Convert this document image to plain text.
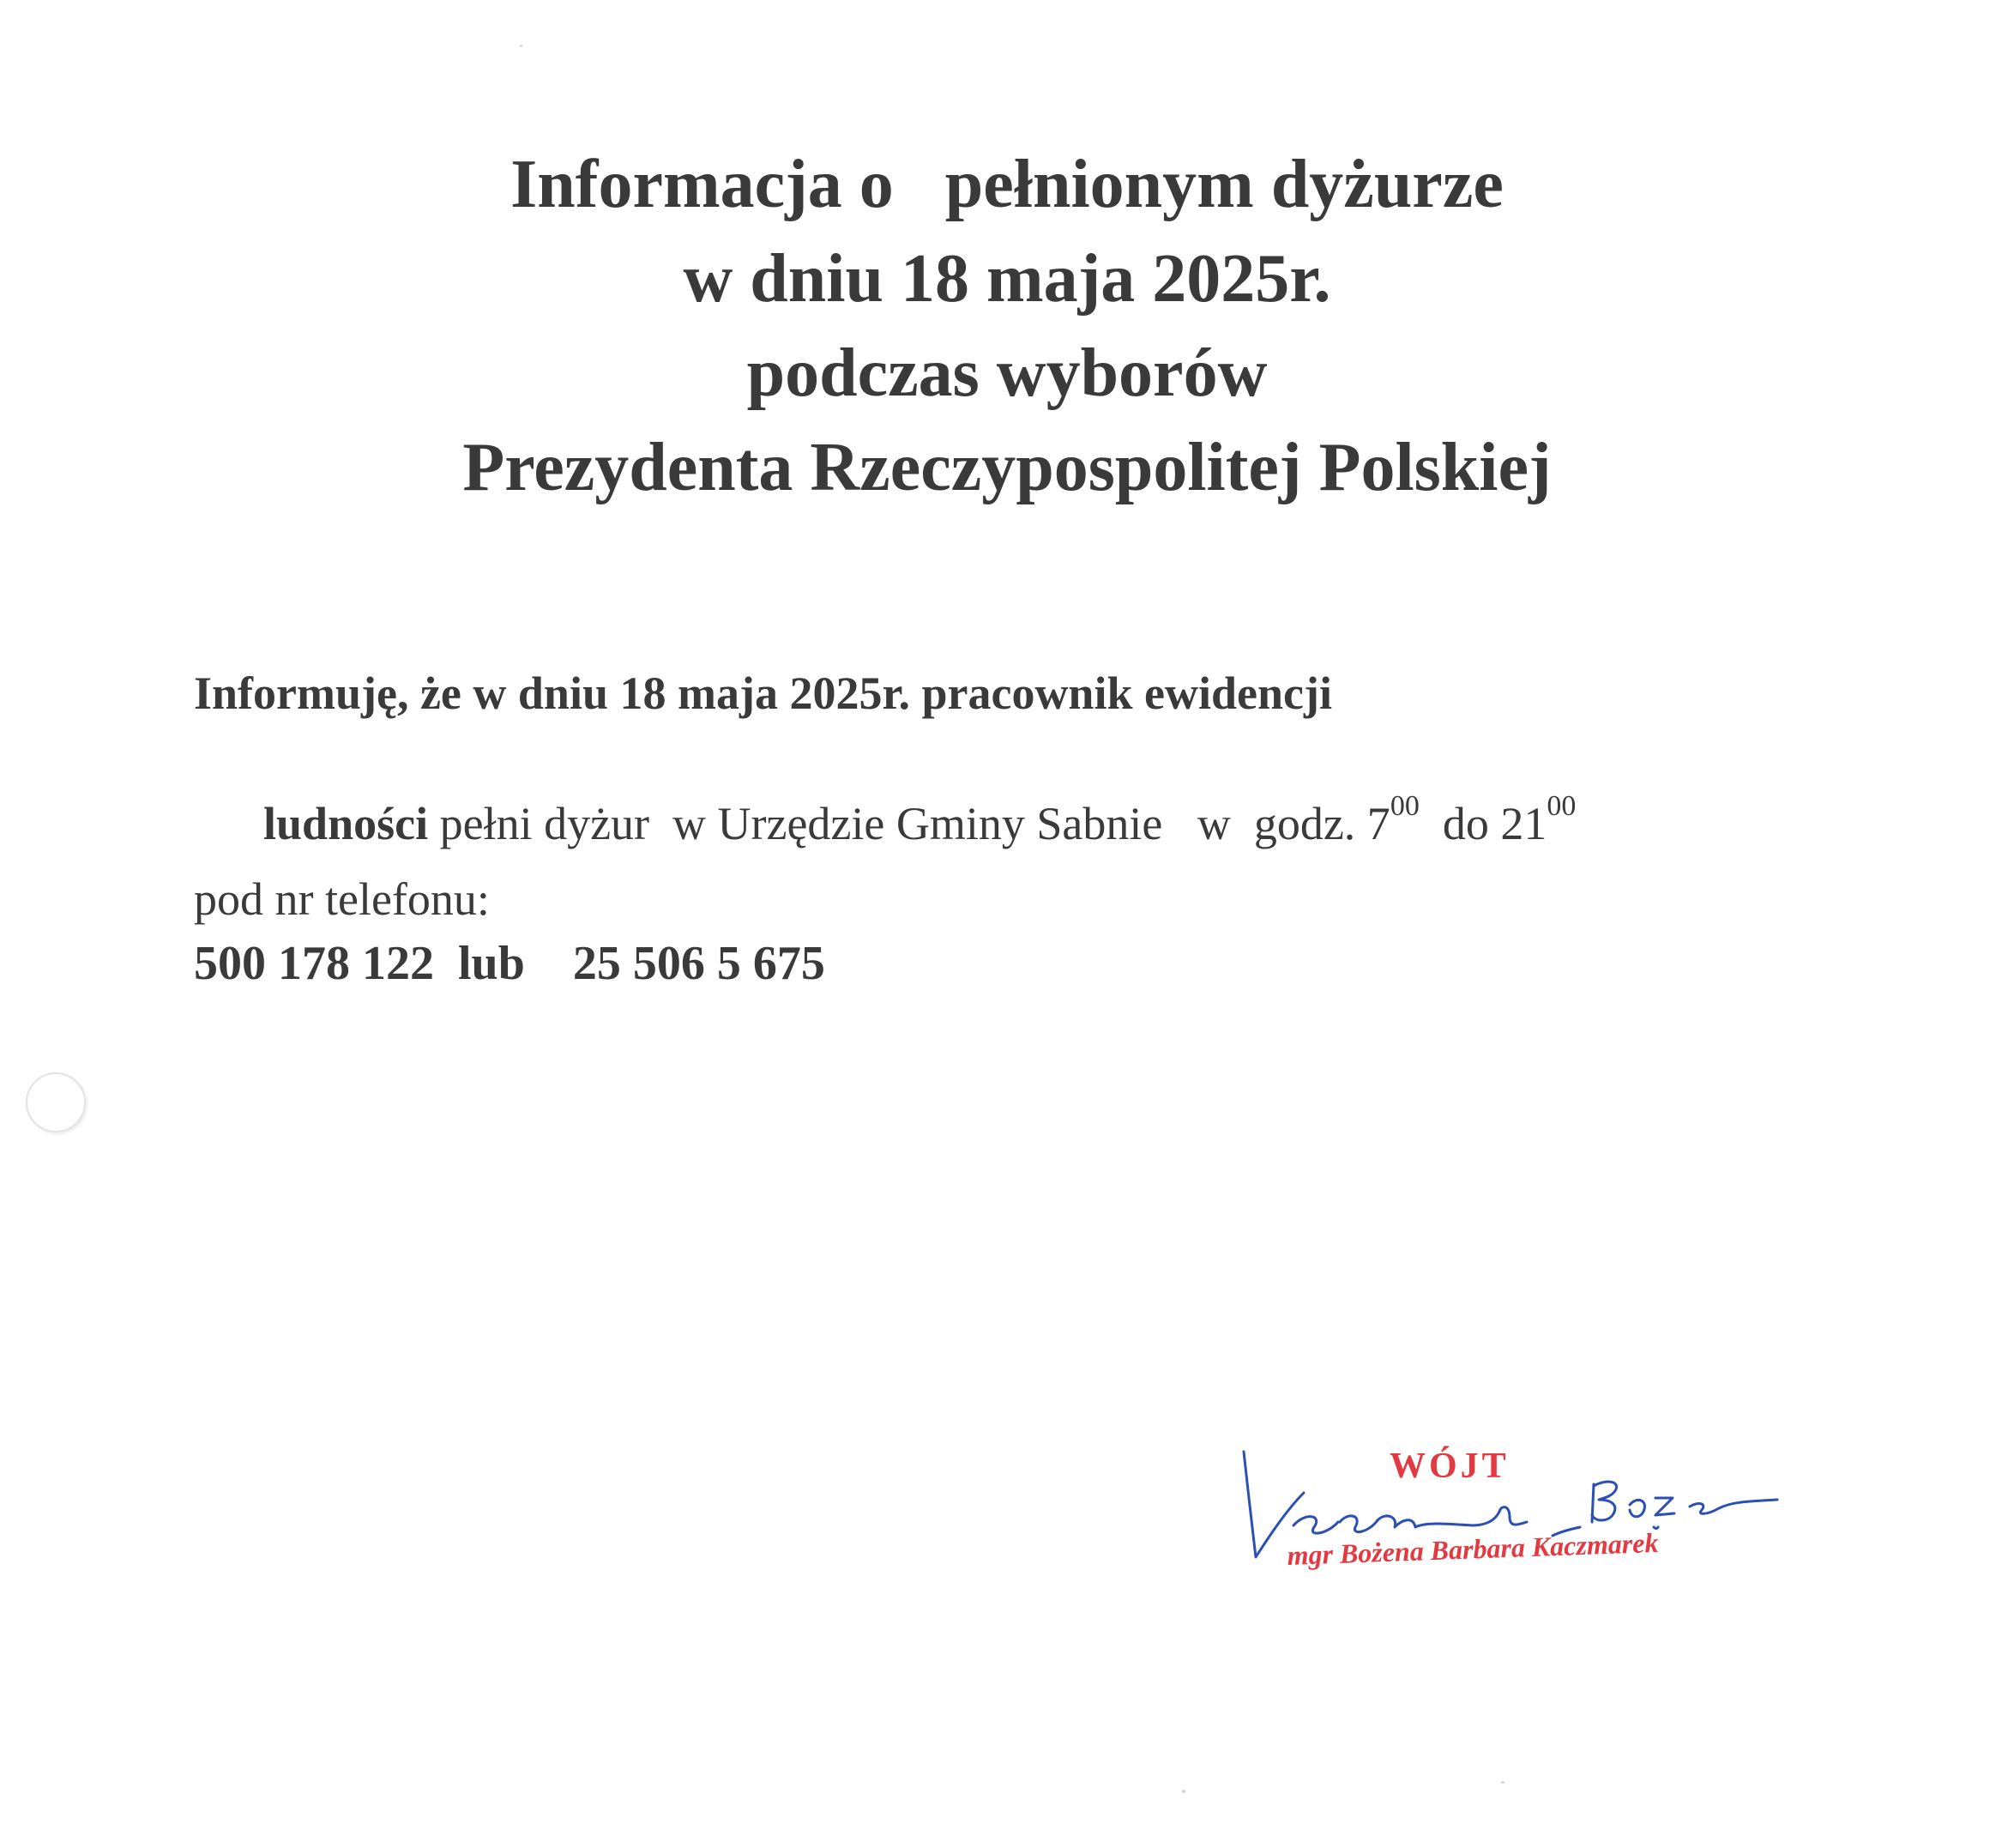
Informacja o   pełnionym dyżurze
w dniu 18 maja 2025r.
podczas wyborów
Prezydenta Rzeczypospolitej Polskiej
Informuję, że w dniu 18 maja 2025r. pracownik ewidencji

ludności pełni dyżur  w Urzędzie Gminy Sabnie   w  godz. $7^{00}$  do $21^{00}$

pod nr telefonu:
500 178 122  lub    25 506 5 675
WÓJT
mgr Bożena Barbara Kaczmarek
